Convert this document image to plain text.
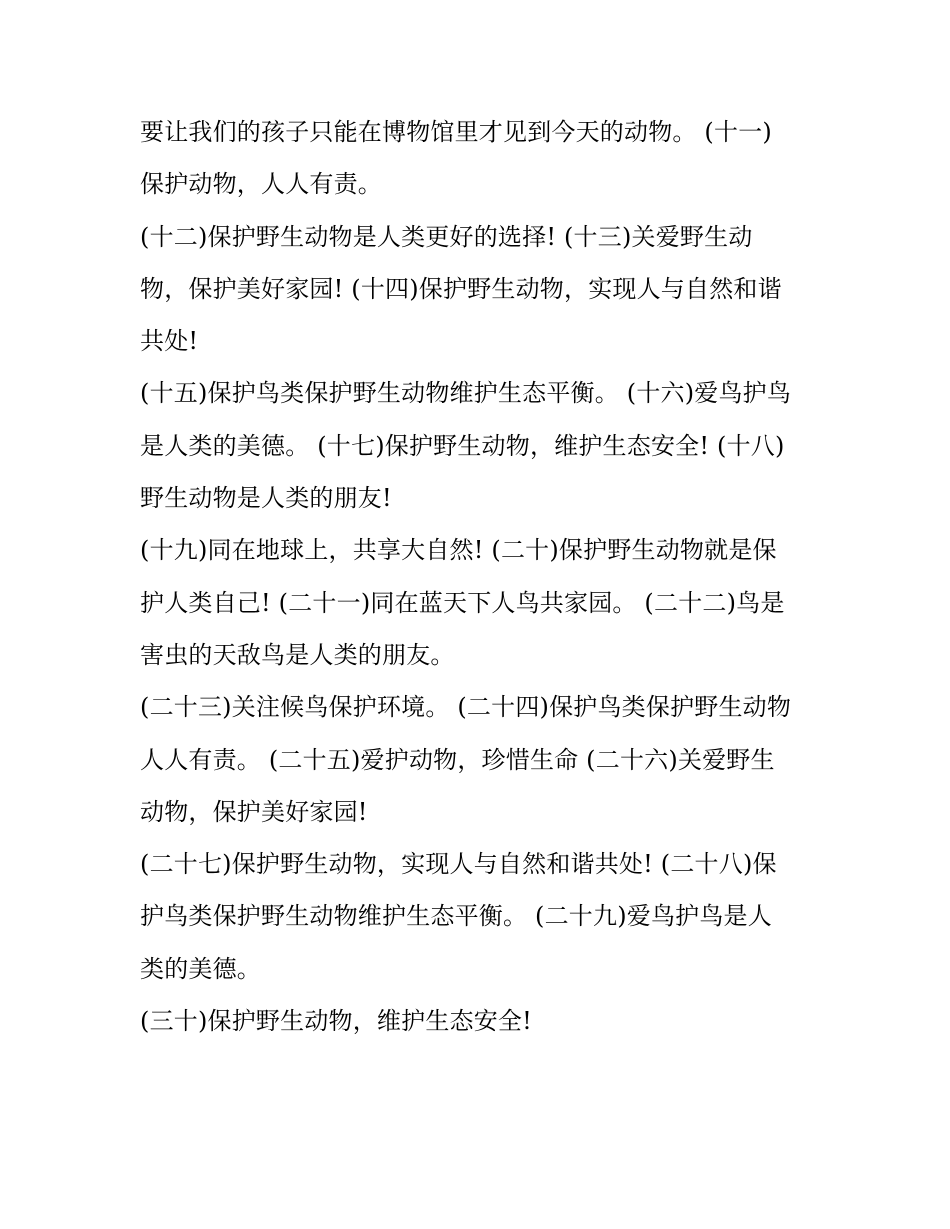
要让我们的孩子只能在博物馆里才见到今天的动物。 (十一)
保护动物，人人有责。
(十二)保护野生动物是人类更好的选择! (十三)关爱野生动
物，保护美好家园! (十四)保护野生动物，实现人与自然和谐
共处!
(十五)保护鸟类保护野生动物维护生态平衡。 (十六)爱鸟护鸟
是人类的美德。 (十七)保护野生动物，维护生态安全! (十八)
野生动物是人类的朋友!
(十九)同在地球上，共享大自然! (二十)保护野生动物就是保
护人类自己! (二十一)同在蓝天下人鸟共家园。 (二十二)鸟是
害虫的天敌鸟是人类的朋友。
(二十三)关注候鸟保护环境。 (二十四)保护鸟类保护野生动物
人人有责。 (二十五)爱护动物，珍惜生命 (二十六)关爱野生
动物，保护美好家园!
(二十七)保护野生动物，实现人与自然和谐共处! (二十八)保
护鸟类保护野生动物维护生态平衡。 (二十九)爱鸟护鸟是人
类的美德。
(三十)保护野生动物，维护生态安全!
